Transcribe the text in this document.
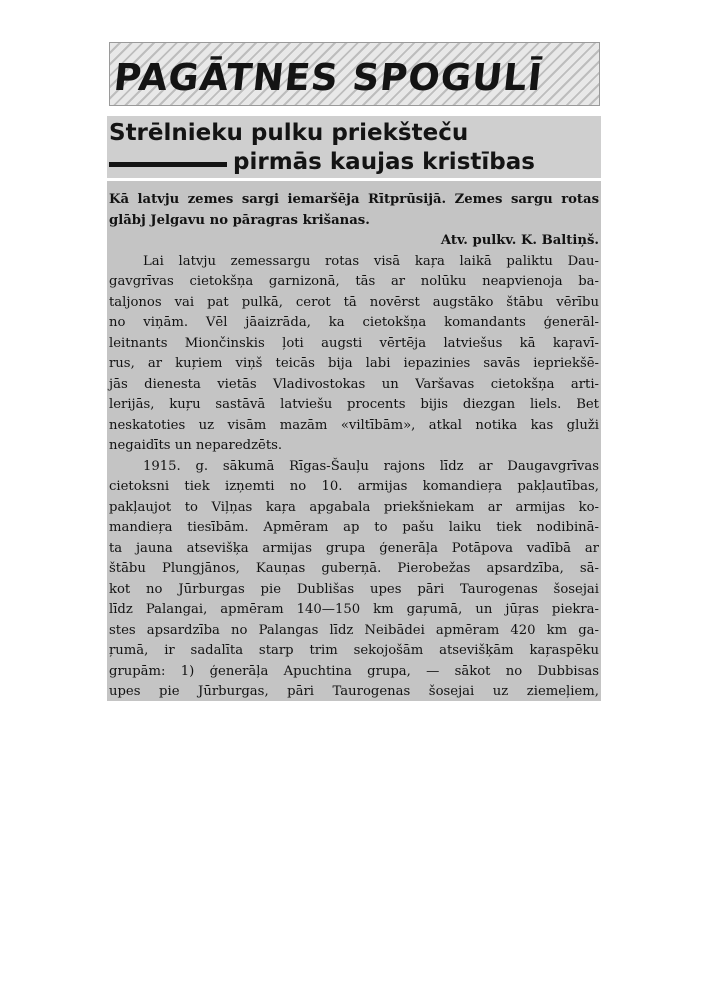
PAGĀTNES SPOGULĪ
Strēlnieku pulku priekšteču
pirmās kaujas kristības
Kā latvju zemes sargi iemaršēja Rītprūsijā. Zemes sargu rotas
glābj Jelgavu no pāragras krišanas.
Atv. pulkv. K. Baltiņš.
Lai latvju zemessargu rotas visā kaŗa laikā paliktu Dau-
gavgrīvas cietokšņa garnizonā, tās ar nolūku neapvienoja ba-
taljonos vai pat pulkā, cerot tā novērst augstāko štābu vērību
no viņām. Vēl jāaizrāda, ka cietokšņa komandants ģenerāl-
leitnants Miončinskis ļoti augsti vērtēja latviešus kā kaŗavī-
rus, ar kuŗiem viņš teicās bija labi iepazinies savās iepriekšē-
jās dienesta vietās Vladivostokas un Varšavas cietokšņa arti-
lerijās, kuŗu sastāvā latviešu procents bijis diezgan liels. Bet
neskatoties uz visām mazām «viltībām», atkal notika kas gluži
negaidīts un neparedzēts.
1915. g. sākumā Rīgas-Šauļu rajons līdz ar Daugavgrīvas
cietoksni tiek izņemti no 10. armijas komandieŗa pakļautības,
pakļaujot to Viļņas kaŗa apgabala priekšniekam ar armijas ko-
mandieŗa tiesībām. Apmēram ap to pašu laiku tiek nodibinā-
ta jauna atsevišķa armijas grupa ģenerāļa Potāpova vadībā ar
štābu Plungjānos, Kauņas guberņā. Pierobežas apsardzība, sā-
kot no Jūrburgas pie Dublišas upes pāri Taurogenas šosejai
līdz Palangai, apmēram 140—150 km gaŗumā, un jūŗas piekra-
stes apsardzība no Palangas līdz Neibādei apmēram 420 km ga-
ŗumā, ir sadalīta starp trim sekojošām atsevišķām kaŗaspēku
grupām: 1) ģenerāļa Apuchtina grupa, — sākot no Dubbisas
upes pie Jūrburgas, pāri Taurogenas šosejai uz ziemeļiem,
